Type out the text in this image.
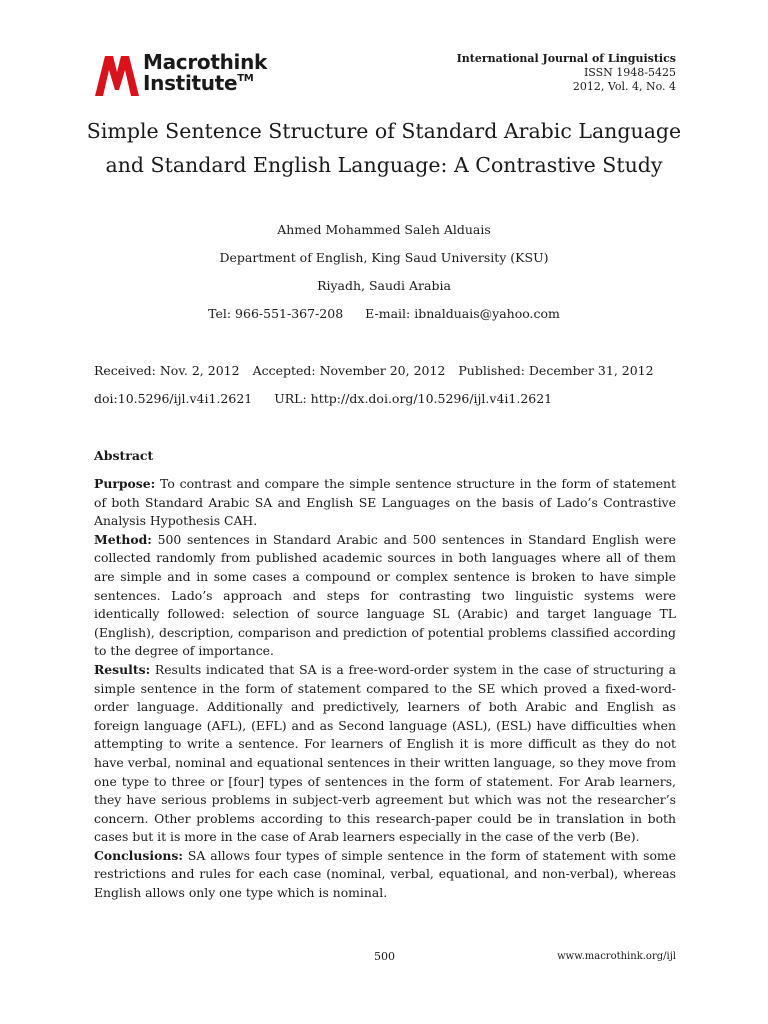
Macrothink
Institute™
International Journal of Linguistics
ISSN 1948-5425
2012, Vol. 4, No. 4
Simple Sentence Structure of Standard Arabic Language
and Standard English Language: A Contrastive Study
Ahmed Mohammed Saleh Alduais
Department of English, King Saud University (KSU)
Riyadh, Saudi Arabia
Tel: 966-551-367-208 E-mail: ibnalduais@yahoo.com
Received: Nov. 2, 2012 Accepted: November 20, 2012 Published: December 31, 2012
doi:10.5296/ijl.v4i1.2621 URL: http://dx.doi.org/10.5296/ijl.v4i1.2621
Abstract

Purpose: To contrast and compare the simple sentence structure in the form of statement of both Standard Arabic SA and English SE Languages on the basis of Lado’s Contrastive Analysis Hypothesis CAH.

Method: 500 sentences in Standard Arabic and 500 sentences in Standard English were collected randomly from published academic sources in both languages where all of them are simple and in some cases a compound or complex sentence is broken to have simple sentences. Lado’s approach and steps for contrasting two linguistic systems were identically followed: selection of source language SL (Arabic) and target language TL (English), description, comparison and prediction of potential problems classified according to the degree of importance.

Results: Results indicated that SA is a free-word-order system in the case of structuring a simple sentence in the form of statement compared to the SE which proved a fixed-word-order language. Additionally and predictively, learners of both Arabic and English as foreign language (AFL), (EFL) and as Second language (ASL), (ESL) have difficulties when attempting to write a sentence. For learners of English it is more difficult as they do not have verbal, nominal and equational sentences in their written language, so they move from one type to three or [four] types of sentences in the form of statement. For Arab learners, they have serious problems in subject-verb agreement but which was not the researcher’s concern. Other problems according to this research-paper could be in translation in both cases but it is more in the case of Arab learners especially in the case of the verb (Be).

Conclusions: SA allows four types of simple sentence in the form of statement with some restrictions and rules for each case (nominal, verbal, equational, and non-verbal), whereas English allows only one type which is nominal.

500	www.macrothink.org/ijl
